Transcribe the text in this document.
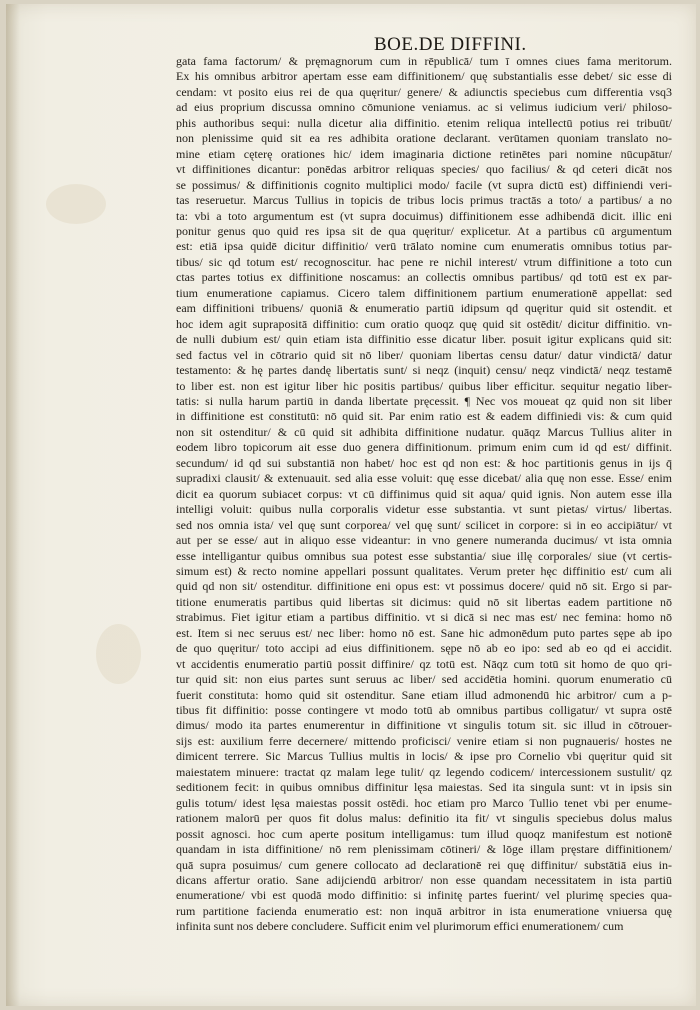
BOE.DE DIFFINI.
gata fama factorum/ & pręmagnorum cum in rēpublicā/ tum ī omnes ciues fama meritorum.
Ex his omnibus arbitror apertam esse eam diffinitionem/ quę substantialis esse debet/ sic esse di
cendam: vt posito eius rei de qua quęritur/ genere/ & adiunctis speciebus cum differentia vsq3
ad eius proprium discussa omnino cōmunione veniamus. ac si velimus iudicium veri/ philoso-
phis authoribus sequi: nulla dicetur alia diffinitio. etenim reliqua intellectū potius rei tribuūt/
non plenissime quid sit ea res adhibita oratione declarant. verūtamen quoniam translato no-
mine etiam cęterę orationes hic/ idem imaginaria dictione retinētes pari nomine nūcupātur/
vt diffinitiones dicantur: ponēdas arbitror reliquas species/ quo facilius/ & qd ceteri dicāt nos
se possimus/ & diffinitionis cognito multiplici modo/ facile (vt supra dictū est) diffiniendi veri-
tas reseruetur. Marcus Tullius in topicis de tribus locis primus tractās a toto/ a partibus/ a no
ta: vbi a toto argumentum est (vt supra docuimus) diffinitionem esse adhibendā dicit. illic eni
ponitur genus quo quid res ipsa sit de qua quęritur/ explicetur. At a partibus cū argumentum
est: etiā ipsa quidē dicitur diffinitio/ verū trālato nomine cum enumeratis omnibus totius par-
tibus/ sic qd totum est/ recognoscitur. hac pene re nichil interest/ vtrum diffinitione a toto cun
ctas partes totius ex diffinitione noscamus: an collectis omnibus partibus/ qd totū est ex par-
tium enumeratione capiamus. Cicero talem diffinitionem partium enumerationē appellat: sed
eam diffinitioni tribuens/ quoniā & enumeratio partiū idipsum qd quęritur quid sit ostendit. et
hoc idem agit suprapositā diffinitio: cum oratio quoqz quę quid sit ostēdit/ dicitur diffinitio. vn-
de nulli dubium est/ quin etiam ista diffinitio esse dicatur liber. posuit igitur explicans quid sit:
sed factus vel in cōtrario quid sit nō liber/ quoniam libertas censu datur/ datur vindictā/ datur
testamento: & hę partes dandę libertatis sunt/ si neqz (inquit) censu/ neqz vindictā/ neqz testamē
to liber est. non est igitur liber hic positis partibus/ quibus liber efficitur. sequitur negatio liber-
tatis: si nulla harum partiū in danda libertate pręcessit. ¶ Nec vos moueat qz quid non sit liber
in diffinitione est constitutū: nō quid sit. Par enim ratio est & eadem diffiniedi vis: & cum quid
non sit ostenditur/ & cū quid sit adhibita diffinitione nudatur. quāqz Marcus Tullius aliter in
eodem libro topicorum ait esse duo genera diffinitionum. primum enim cum id qd est/ diffinit.
secundum/ id qd sui substantiā non habet/ hoc est qd non est: & hoc partitionis genus in ijs q̄
supradixi clausit/ & extenuauit. sed alia esse voluit: quę esse dicebat/ alia quę non esse. Esse/ enim
dicit ea quorum subiacet corpus: vt cū diffinimus quid sit aqua/ quid ignis. Non autem esse illa
intelligi voluit: quibus nulla corporalis videtur esse substantia. vt sunt pietas/ virtus/ libertas.
sed nos omnia ista/ vel quę sunt corporea/ vel quę sunt/ scilicet in corpore: si in eo accipiātur/ vt
aut per se esse/ aut in aliquo esse videantur: in vno genere numeranda ducimus/ vt ista omnia
esse intelligantur quibus omnibus sua potest esse substantia/ siue illę corporales/ siue (vt certis-
simum est) & recto nomine appellari possunt qualitates. Verum preter hęc diffinitio est/ cum ali
quid qd non sit/ ostenditur. diffinitione eni opus est: vt possimus docere/ quid nō sit. Ergo si par-
titione enumeratis partibus quid libertas sit dicimus: quid nō sit libertas eadem partitione nō
strabimus. Fiet igitur etiam a partibus diffinitio. vt si dicā si nec mas est/ nec femina: homo nō
est. Item si nec seruus est/ nec liber: homo nō est. Sane hic admonēdum puto partes sępe ab ipo
de quo quęritur/ toto accipi ad eius diffinitionem. sępe nō ab eo ipo: sed ab eo qd ei accidit.
vt accidentis enumeratio partiū possit diffinire/ qz totū est. Nāqz cum totū sit homo de quo qri-
tur quid sit: non eius partes sunt seruus ac liber/ sed accidētia homini. quorum enumeratio cū
fuerit constituta: homo quid sit ostenditur. Sane etiam illud admonendū hic arbitror/ cum a p-
tibus fit diffinitio: posse contingere vt modo totū ab omnibus partibus colligatur/ vt supra ostē
dimus/ modo ita partes enumerentur in diffinitione vt singulis totum sit. sic illud in cōtrouer-
sijs est: auxilium ferre decernere/ mittendo proficisci/ venire etiam si non pugnaueris/ hostes ne
dimicent terrere. Sic Marcus Tullius multis in locis/ & ipse pro Cornelio vbi quęritur quid sit
maiestatem minuere: tractat qz malam lege tulit/ qz legendo codicem/ intercessionem sustulit/ qz
seditionem fecit: in quibus omnibus diffinitur lęsa maiestas. Sed ita singula sunt: vt in ipsis sin
gulis totum/ idest lęsa maiestas possit ostēdi. hoc etiam pro Marco Tullio tenet vbi per enume-
rationem malorū per quos fit dolus malus: definitio ita fit/ vt singulis speciebus dolus malus
possit agnosci. hoc cum aperte positum intelligamus: tum illud quoqz manifestum est notionē
quandam in ista diffinitione/ nō rem plenissimam cōtineri/ & lōge illam pręstare diffinitionem/
quā supra posuimus/ cum genere collocato ad declarationē rei quę diffinitur/ substātiā eius in-
dicans affertur oratio. Sane adijciendū arbitror/ non esse quandam necessitatem in ista partiū
enumeratione/ vbi est quodā modo diffinitio: si infinitę partes fuerint/ vel plurimę species qua-
rum partitione facienda enumeratio est: non inquā arbitror in ista enumeratione vniuersa quę
infinita sunt nos debere concludere. Sufficit enim vel plurimorum effici enumerationem/ cum
